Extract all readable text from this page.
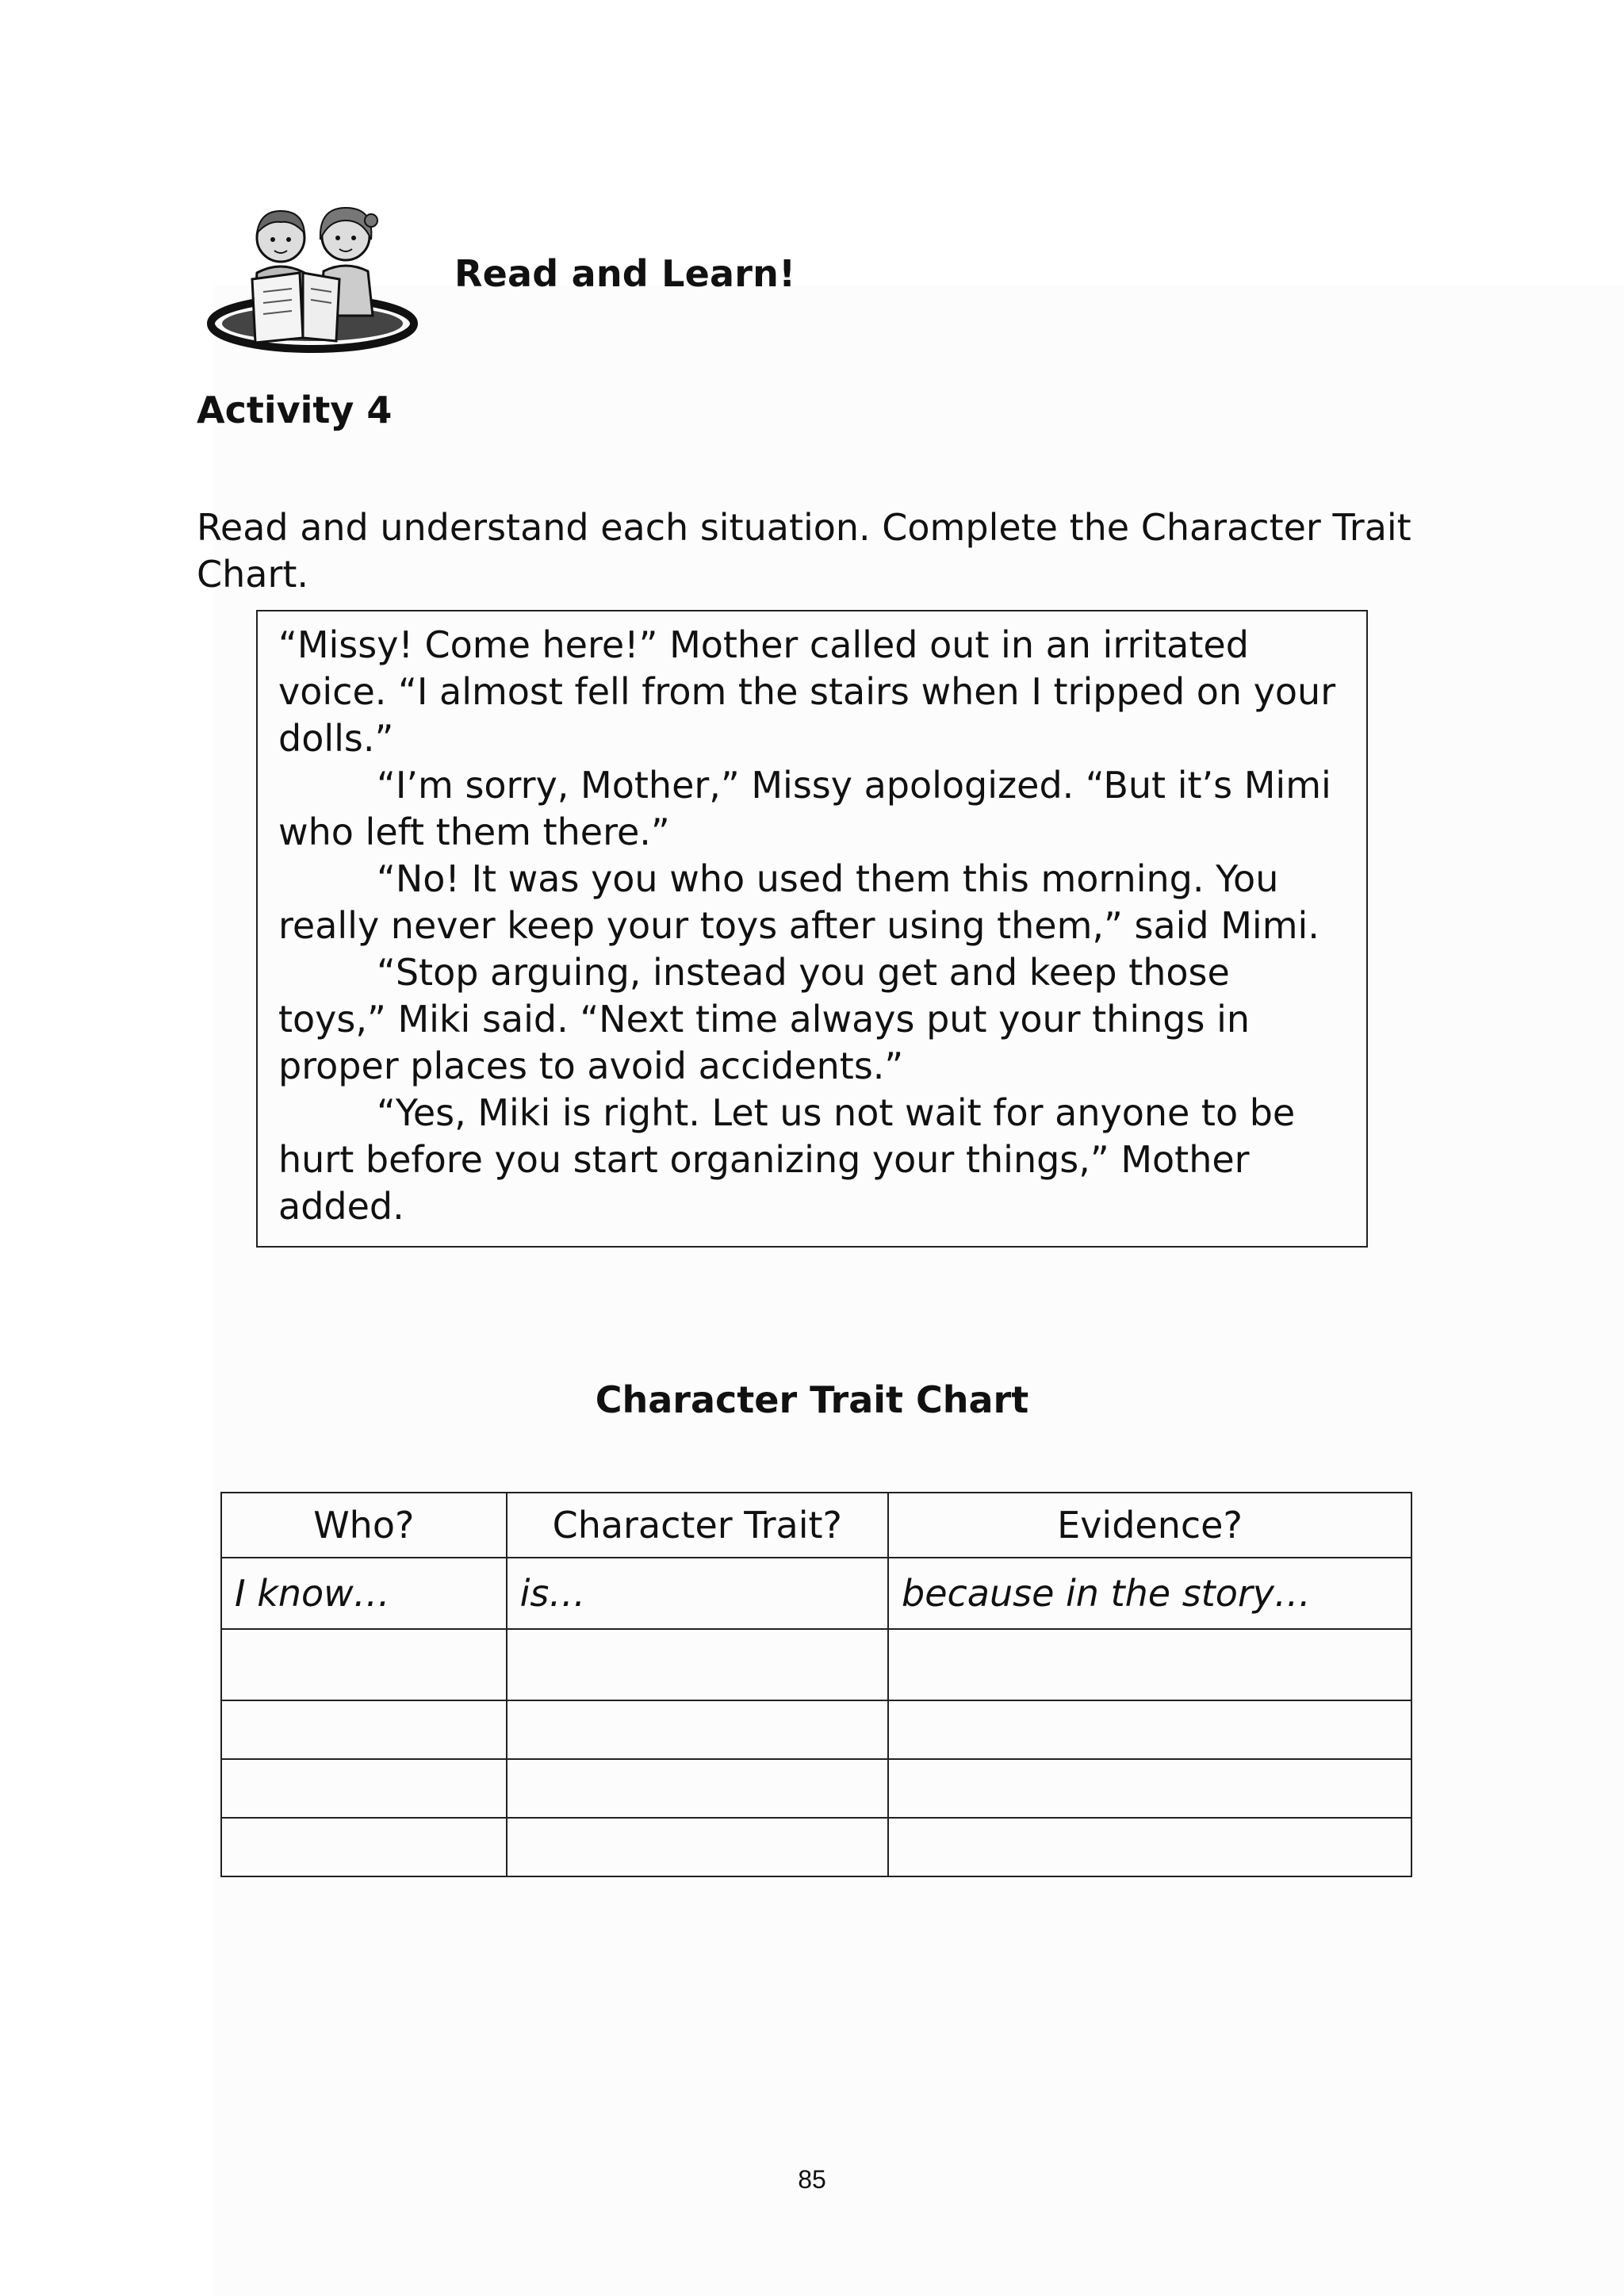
Read and Learn!
Activity 4
Read and understand each situation. Complete the Character Trait Chart.

“Missy! Come here!” Mother called out in an irritated voice. “I almost fell from the stairs when I tripped on your dolls.”

“I’m sorry, Mother,” Missy apologized. “But it’s Mimi who left them there.”

“No! It was you who used them this morning. You really never keep your toys after using them,” said Mimi.

“Stop arguing, instead you get and keep those toys,” Miki said. “Next time always put your things in proper places to avoid accidents.”

“Yes, Miki is right. Let us not wait for anyone to be hurt before you start organizing your things,” Mother added.

Character Trait Chart
Who?	Character Trait?	Evidence?
I know…	is…	because in the story…

85
